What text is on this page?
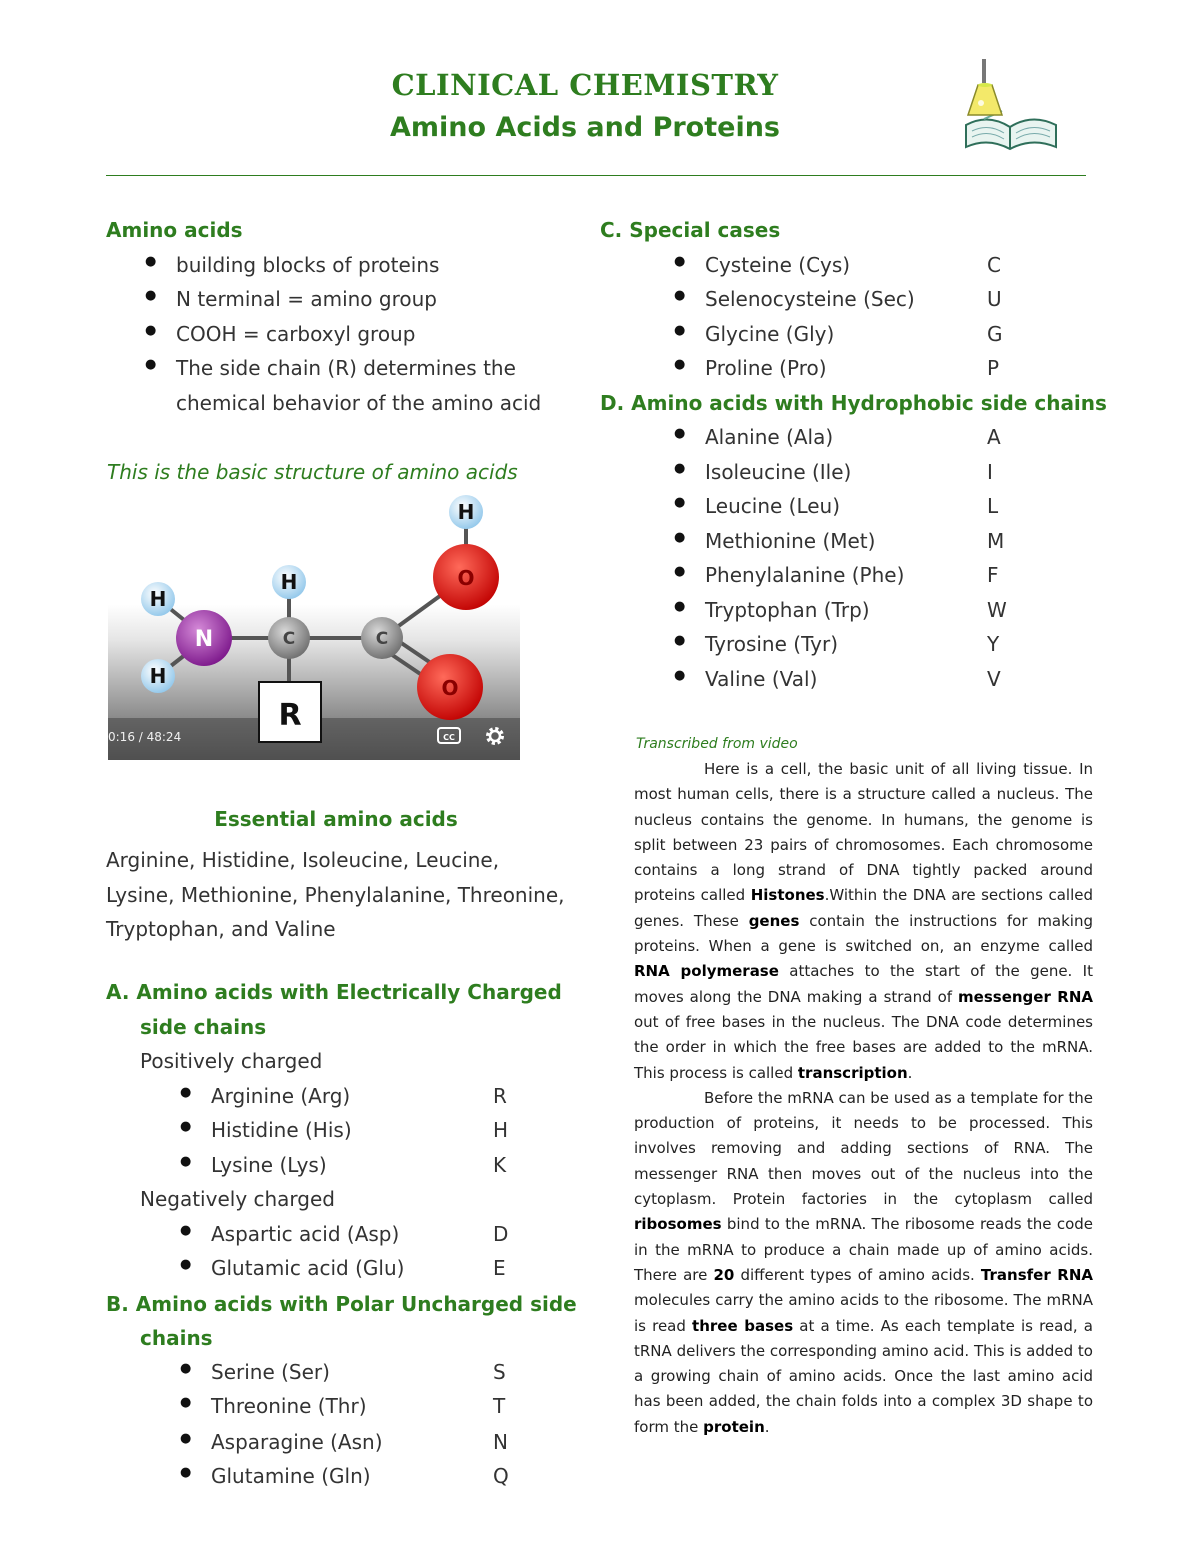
CLINICAL CHEMISTRY
Amino Acids and Proteins
Amino acids
● building blocks of proteins
● N terminal = amino group
● COOH = carboxyl group
● The side chain (R) determines the
chemical behavior of the amino acid
This is the basic structure of amino acids
H
H
H
H
N	C	C
O
O
R
0:16 / 48:24	CC
Essential amino acids
Arginine, Histidine, Isoleucine, Leucine, Lysine, Methionine, Phenylalanine, Threonine, Tryptophan, and Valine
A. Amino acids with Electrically Charged
side chains
Positively charged
● Arginine (Arg)	R
● Histidine (His)	H
● Lysine (Lys)	K
Negatively charged
● Aspartic acid (Asp)	D
● Glutamic acid (Glu)	E
B. Amino acids with Polar Uncharged side
chains
● Serine (Ser)	S
● Threonine (Thr)	T
● Asparagine (Asn)	N
● Glutamine (Gln)	Q
C. Special cases
● Cysteine (Cys)	C
● Selenocysteine (Sec)	U
● Glycine (Gly)	G
● Proline (Pro)	P
D. Amino acids with Hydrophobic side chains
● Alanine (Ala)	A
● Isoleucine (Ile)	I
● Leucine (Leu)	L
● Methionine (Met)	M
● Phenylalanine (Phe)	F
● Tryptophan (Trp)	W
● Tyrosine (Tyr)	Y
● Valine (Val)	V
Transcribed from video

Here is a cell, the basic unit of all living tissue. In most human cells, there is a structure called a nucleus. The nucleus contains the genome. In humans, the genome is split between 23 pairs of chromosomes. Each chromosome contains a long strand of DNA tightly packed around proteins called Histones.Within the DNA are sections called genes. These genes contain the instructions for making proteins. When a gene is switched on, an enzyme called RNA polymerase attaches to the start of the gene. It moves along the DNA making a strand of messenger RNA out of free bases in the nucleus. The DNA code determines the order in which the free bases are added to the mRNA. This process is called transcription.

Before the mRNA can be used as a template for the production of proteins, it needs to be processed. This involves removing and adding sections of RNA. The messenger RNA then moves out of the nucleus into the cytoplasm. Protein factories in the cytoplasm called ribosomes bind to the mRNA. The ribosome reads the code in the mRNA to produce a chain made up of amino acids. There are 20 different types of amino acids. Transfer RNA molecules carry the amino acids to the ribosome. The mRNA is read three bases at a time. As each template is read, a tRNA delivers the corresponding amino acid. This is added to a growing chain of amino acids. Once the last amino acid has been added, the chain folds into a complex 3D shape to form the protein.
